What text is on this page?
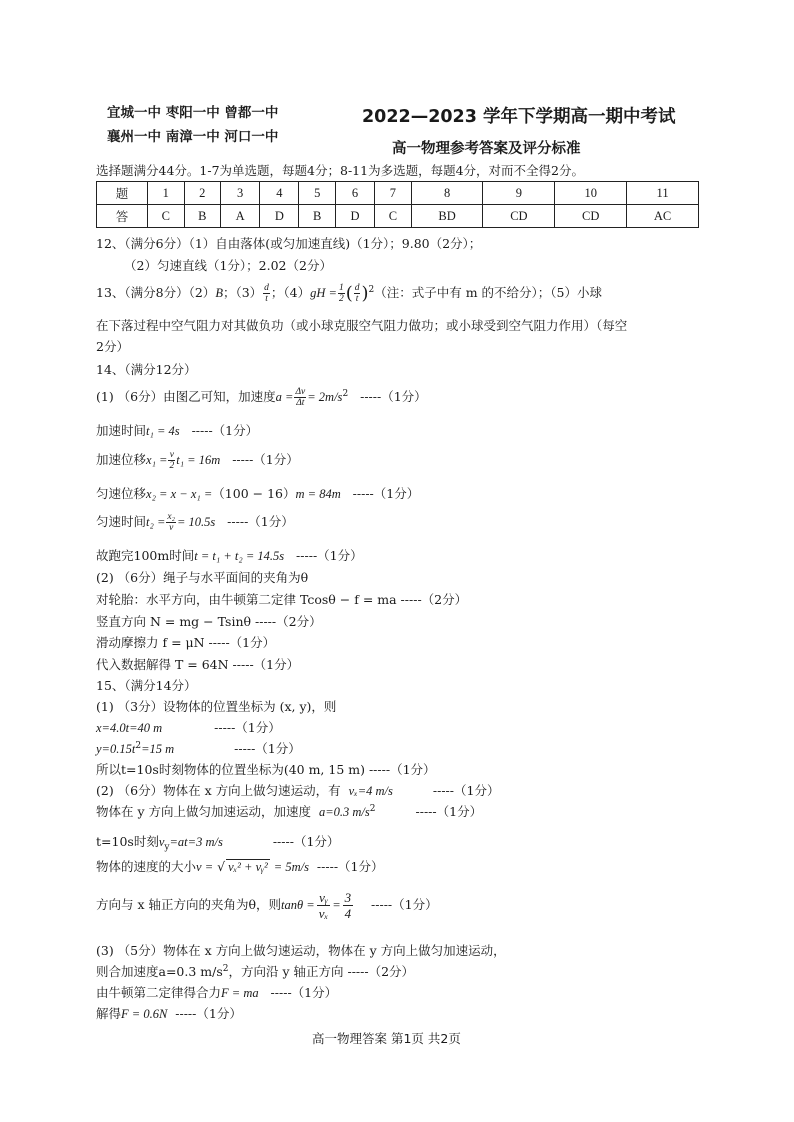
宜城一中 枣阳一中 曾都一中
襄州一中 南漳一中 河口一中
2022—2023 学年下学期高一期中考试
高一物理参考答案及评分标准
选择题满分44分。1-7为单选题，每题4分；8-11为多选题，每题4分，对而不全得2分。
题	1	2	3	4	5	6	7	8	9	10	11
答	C	B	A	D	B	D	C	BD	CD	CD	AC
12、（满分6分）（1）自由落体(或匀加速直线)（1分）；9.80（2分）；
（2）匀速直线（1分）；2.02（2分）
13、（满分8分）（2）B；$(3) \frac{d}{t}$ ；$(4)gH = \frac{1}{2}$ ( $\frac{d}{t} )^2$（注：式子中有 m 的不给分）；（5）小球
在下落过程中空气阻力对其做负功（或小球克服空气阻力做功；或小球受到空气阻力作用）（每空
2分）
14、（满分12分）
(1) （6分）由图乙可知，加速度$a = \frac{\Delta v}{\Delta t} = 2m/s^2$ -----（1分）
加速时间t₁ = 4s -----（1分）
加速位移$x_1 = \frac{v}{2} t_1 = 16m$ -----（1分）
匀速位移x₂ = x − x₁ =（100 − 16）m = 84m -----（1分）
匀速时间$t_2 = \frac{\text{x₂}}{v} = 10.5s$ -----（1分）
故跑完100m时间t = t₁ + t₂ = 14.5s -----（1分）
(2) （6分）绳子与水平面间的夹角为θ
对轮胎：水平方向，由牛顿第二定律 Tcosθ − f = ma -----（2分）
竖直方向 N = mg − Tsinθ -----（2分）
滑动摩擦力 f = μN -----（1分）
代入数据解得 T = 64N -----（1分）
15、（满分14分）
(1) （3分）设物体的位置坐标为 (x, y)，则
x=4.0t=40 m	-----（1分）
$y=0.15t^2=15$ m	-----（1分）
所以t=10s时刻物体的位置坐标为(40 m, 15 m) -----（1分）
(2) （6分）物体在 x 方向上做匀速运动，有 vₓ=4 m/s	-----（1分）
物体在 y 方向上做匀加速运动，加速度 a=0.3 $m/s^2$	-----（1分）
t=10s时刻$v_y=at=3$ m/s	-----（1分）
物体的速度的大小v = √ vₓ² + vᵧ² = 5m/s -----（1分）
方向与 x 轴正方向的夹角为θ，则$\tan\theta = \frac{\text{vᵧ}}{\text{vₓ}} = \frac{3}{4} -----(1$分）
(3) （5分）物体在 x 方向上做匀速运动，物体在 y 方向上做匀加速运动，
则合加速度a=0.3 $m/s^2$，方向沿 y 轴正方向 -----（2分）
由牛顿第二定律得合力F = ma -----（1分）
解得F = 0.6N -----（1分）
高一物理答案 第1页 共2页
